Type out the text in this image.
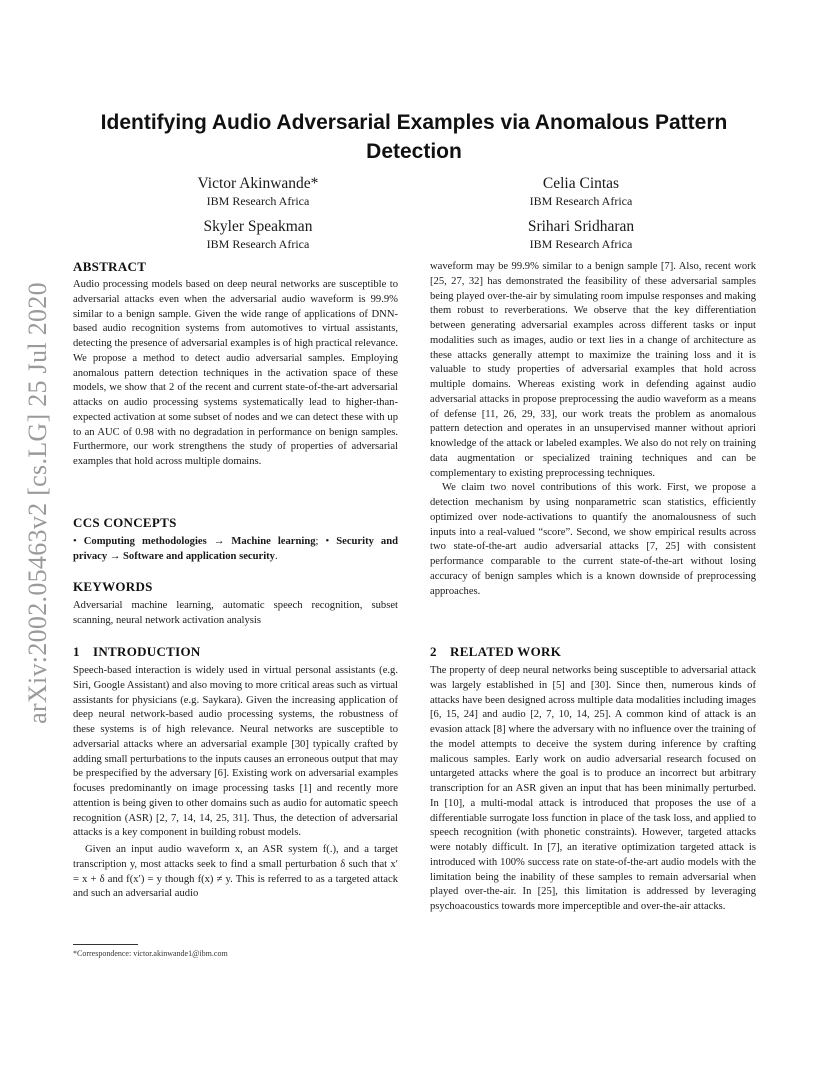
arXiv:2002.05463v2 [cs.LG] 25 Jul 2020
Identifying Audio Adversarial Examples via Anomalous Pattern Detection
Victor Akinwande*
IBM Research Africa
Celia Cintas
IBM Research Africa
Skyler Speakman
IBM Research Africa
Srihari Sridharan
IBM Research Africa
ABSTRACT

Audio processing models based on deep neural networks are susceptible to adversarial attacks even when the adversarial audio waveform is 99.9% similar to a benign sample. Given the wide range of applications of DNN-based audio recognition systems from automotives to virtual assistants, detecting the presence of adversarial examples is of high practical relevance. We propose a method to detect audio adversarial samples. Employing anomalous pattern detection techniques in the activation space of these models, we show that 2 of the recent and current state-of-the-art adversarial attacks on audio processing systems systematically lead to higher-than-expected activation at some subset of nodes and we can detect these with up to an AUC of 0.98 with no degradation in performance on benign samples. Furthermore, our work strengthens the study of properties of adversarial examples that hold across multiple domains.

CCS CONCEPTS

• Computing methodologies → Machine learning; • Security and privacy → Software and application security.

KEYWORDS

Adversarial machine learning, automatic speech recognition, subset scanning, neural network activation analysis

1 INTRODUCTION

Speech-based interaction is widely used in virtual personal assistants (e.g. Siri, Google Assistant) and also moving to more critical areas such as virtual assistants for physicians (e.g. Saykara). Given the increasing application of deep neural network-based audio processing systems, the robustness of these systems is of high relevance. Neural networks are susceptible to adversarial attacks where an adversarial example [30] typically crafted by adding small perturbations to the inputs causes an erroneous output that may be prespecified by the adversary [6]. Existing work on adversarial examples focuses predominantly on image processing tasks [1] and recently more attention is being given to other domains such as audio for automatic speech recognition (ASR) [2, 7, 14, 14, 25, 31]. Thus, the detection of adversarial attacks is a key component in building robust models.

Given an input audio waveform x, an ASR system f(.), and a target transcription y, most attacks seek to find a small perturbation δ such that x′ = x + δ and f(x′) = y though f(x) ≠ y. This is referred to as a targeted attack and such an adversarial audio

waveform may be 99.9% similar to a benign sample [7]. Also, recent work [25, 27, 32] has demonstrated the feasibility of these adversarial samples being played over-the-air by simulating room impulse responses and making them robust to reverberations. We observe that the key differentiation between generating adversarial examples across different tasks or input modalities such as images, audio or text lies in a change of architecture as these attacks generally attempt to maximize the training loss and it is valuable to study properties of adversarial examples that hold across multiple domains. Whereas existing work in defending against audio adversarial attacks in propose preprocessing the audio waveform as a means of defense [11, 26, 29, 33], our work treats the problem as anomalous pattern detection and operates in an unsupervised manner without apriori knowledge of the attack or labeled examples. We also do not rely on training data augmentation or specialized training techniques and can be complementary to existing preprocessing techniques.

We claim two novel contributions of this work. First, we propose a detection mechanism by using nonparametric scan statistics, efficiently optimized over node-activations to quantify the anomalousness of such inputs into a real-valued “score”. Second, we show empirical results across two state-of-the-art audio adversarial attacks [7, 25] with consistent performance comparable to the current state-of-the-art without losing accuracy of benign samples which is a known downside of preprocessing approaches.

2 RELATED WORK

The property of deep neural networks being susceptible to adversarial attack was largely established in [5] and [30]. Since then, numerous kinds of attacks have been designed across multiple data modalities including images [6, 15, 24] and audio [2, 7, 10, 14, 25]. A common kind of attack is an evasion attack [8] where the adversary with no influence over the training of the model attempts to deceive the system during inference by crafting malicous samples. Early work on audio adversarial research focused on untargeted attacks where the goal is to produce an incorrect but arbitrary transcription for an ASR given an input that has been minimally perturbed. In [10], a multi-modal attack is introduced that proposes the use of a differentiable surrogate loss function in place of the task loss, and applied to speech recognition (with phonetic constraints). However, targeted attacks were notably difficult. In [7], an iterative optimization targeted attack is introduced with 100% success rate on state-of-the-art audio models with the limitation being the inability of these samples to remain adversarial when played over-the-air. In [25], this limitation is addressed by leveraging psychoacoustics towards more imperceptible and over-the-air attacks.

*Correspondence: victor.akinwande1@ibm.com
